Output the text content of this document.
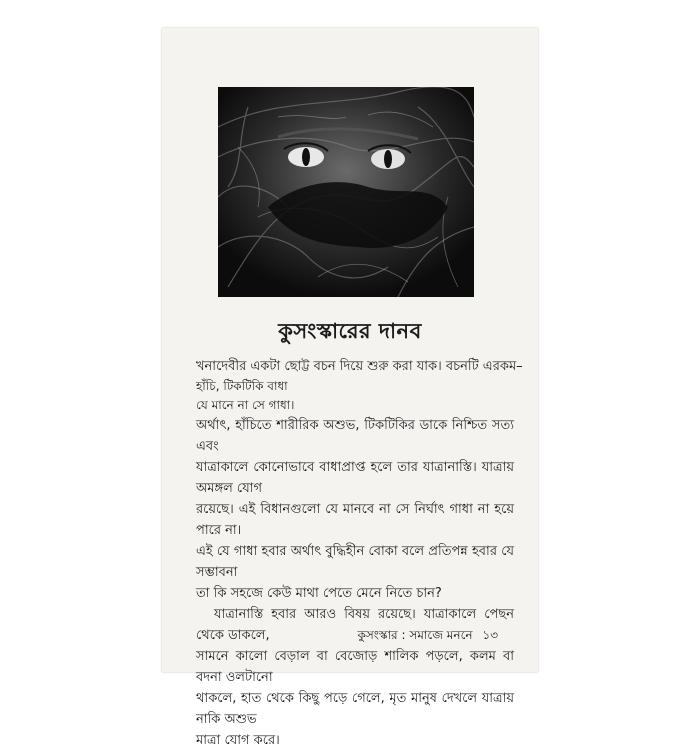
কুসংস্কারের দানব

খনাদেবীর একটা ছোট্ট বচন দিয়ে শুরু করা যাক। বচনটি এরকম–

হাঁচি, টিকটিকি বাধা
যে মানে না সে গাধা।

অর্থাৎ, হাঁচিতে শারীরিক অশুভ, টিকটিকির ডাকে নিশ্চিত সত্য এবং
যাত্রাকালে কোনোভাবে বাধাপ্রাপ্ত হলে তার যাত্রানাস্তি। যাত্রায় অমঙ্গল যোগ
রয়েছে। এই বিধানগুলো যে মানবে না সে নির্ঘাৎ গাধা না হয়ে পারে না।
এই যে গাধা হবার অর্থাৎ বুদ্ধিহীন বোকা বলে প্রতিপন্ন হবার যে সম্ভাবনা
তা কি সহজে কেউ মাথা পেতে মেনে নিতে চান?

যাত্রানাস্তি হবার আরও বিষয় রয়েছে। যাত্রাকালে পেছন থেকে ডাকলে,
সামনে কালো বেড়াল বা বেজোড় শালিক পড়লে, কলম বা বদনা ওলটানো
থাকলে, হাত থেকে কিছু পড়ে গেলে, মৃত মানুষ দেখলে যাত্রায় নাকি অশুভ
মাত্রা যোগ করে।

কুসংস্কার : সমাজে মননে ১৩
